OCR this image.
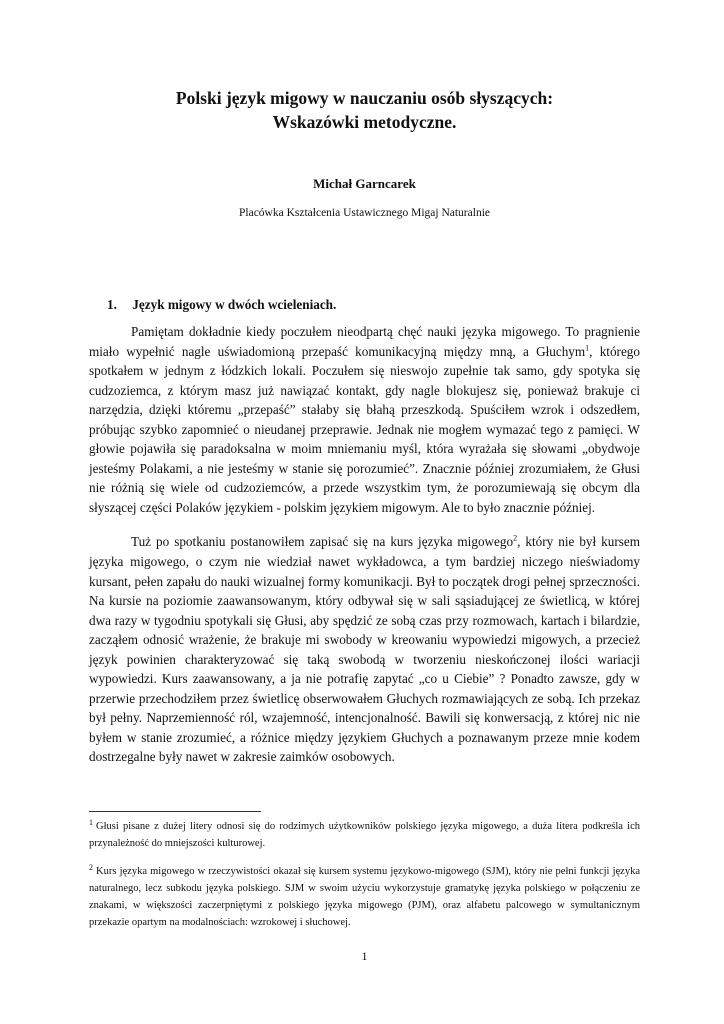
Polski język migowy w nauczaniu osób słyszących:
Wskazówki metodyczne.
Michał Garncarek
Placówka Kształcenia Ustawicznego Migaj Naturalnie
1. Język migowy w dwóch wcieleniach.

Pamiętam dokładnie kiedy poczułem nieodpartą chęć nauki języka migowego. To pragnienie miało wypełnić nagle uświadomioną przepaść komunikacyjną między mną, a Głuchym$^1$, którego spotkałem w jednym z łódzkich lokali. Poczułem się nieswojo zupełnie tak samo, gdy spotyka się cudzoziemca, z którym masz już nawiązać kontakt, gdy nagle blokujesz się, ponieważ brakuje ci narzędzia, dzięki któremu „przepaść” stałaby się błahą przeszkodą. Spuściłem wzrok i odszedłem, próbując szybko zapomnieć o nieudanej przeprawie. Jednak nie mogłem wymazać tego z pamięci. W głowie pojawiła się paradoksalna w moim mniemaniu myśl, która wyrażała się słowami „obydwoje jesteśmy Polakami, a nie jesteśmy w stanie się porozumieć”. Znacznie później zrozumiałem, że Głusi nie różnią się wiele od cudzoziemców, a przede wszystkim tym, że porozumiewają się obcym dla słyszącej części Polaków językiem - polskim językiem migowym. Ale to było znacznie później.

Tuż po spotkaniu postanowiłem zapisać się na kurs języka migowego$^2$, który nie był kursem języka migowego, o czym nie wiedział nawet wykładowca, a tym bardziej niczego nieświadomy kursant, pełen zapału do nauki wizualnej formy komunikacji. Był to początek drogi pełnej sprzeczności. Na kursie na poziomie zaawansowanym, który odbywał się w sali sąsiadującej ze świetlicą, w której dwa razy w tygodniu spotykali się Głusi, aby spędzić ze sobą czas przy rozmowach, kartach i bilardzie, zacząłem odnosić wrażenie, że brakuje mi swobody w kreowaniu wypowiedzi migowych, a przecież język powinien charakteryzować się taką swobodą w tworzeniu nieskończonej ilości wariacji wypowiedzi. Kurs zaawansowany, a ja nie potrafię zapytać „co u Ciebie” ? Ponadto zawsze, gdy w przerwie przechodziłem przez świetlicę obserwowałem Głuchych rozmawiających ze sobą. Ich przekaz był pełny. Naprzemienność ról, wzajemność, intencjonalność. Bawili się konwersacją, z której nic nie byłem w stanie zrozumieć, a różnice między językiem Głuchych a poznawanym przeze mnie kodem dostrzegalne były nawet w zakresie zaimków osobowych.

$^1$ Głusi pisane z dużej litery odnosi się do rodzimych użytkowników polskiego języka migowego, a duża litera podkreśla ich przynależność do mniejszości kulturowej.
$^2$ Kurs języka migowego w rzeczywistości okazał się kursem systemu językowo-migowego (SJM), który nie pełni funkcji języka naturalnego, lecz subkodu języka polskiego. SJM w swoim użyciu wykorzystuje gramatykę języka polskiego w połączeniu ze znakami, w większości zaczerpniętymi z polskiego języka migowego (PJM), oraz alfabetu palcowego w symultanicznym przekazie opartym na modalnościach: wzrokowej i słuchowej.
1
